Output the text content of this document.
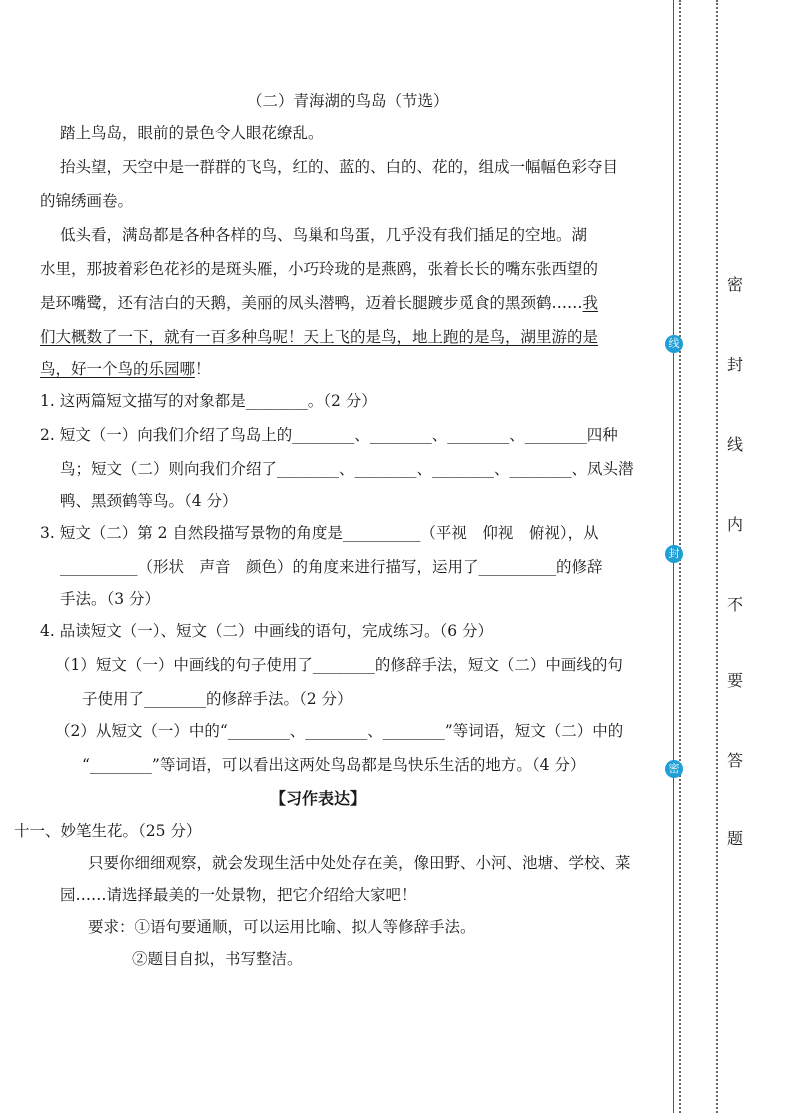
（二）青海湖的鸟岛（节选）
踏上鸟岛，眼前的景色令人眼花缭乱。
抬头望，天空中是一群群的飞鸟，红的、蓝的、白的、花的，组成一幅幅色彩夺目
的锦绣画卷。
低头看，满岛都是各种各样的鸟、鸟巢和鸟蛋，几乎没有我们插足的空地。湖
水里，那披着彩色花衫的是斑头雁，小巧玲珑的是燕鸥，张着长长的嘴东张西望的
是环嘴鹭，还有洁白的天鹅，美丽的凤头潜鸭，迈着长腿踱步觅食的黑颈鹤……我
们大概数了一下，就有一百多种鸟呢！天上飞的是鸟，地上跑的是鸟，湖里游的是
鸟，好一个鸟的乐园哪！
1. 这两篇短文描写的对象都是________。（2 分）
2. 短文（一）向我们介绍了鸟岛上的________、________、________、________四种
鸟；短文（二）则向我们介绍了________、________、________、________、凤头潜
鸭、黑颈鹤等鸟。（4 分）
3. 短文（二）第 2 自然段描写景物的角度是__________（平视　仰视　俯视），从
__________（形状　声音　颜色）的角度来进行描写，运用了__________的修辞
手法。（3 分）
4. 品读短文（一）、短文（二）中画线的语句，完成练习。（6 分）
（1）短文（一）中画线的句子使用了________的修辞手法，短文（二）中画线的句
子使用了________的修辞手法。（2 分）
（2）从短文（一）中的“________、________、________”等词语，短文（二）中的
“________”等词语，可以看出这两处鸟岛都是鸟快乐生活的地方。（4 分）
【习作表达】
十一、妙笔生花。（25 分）
只要你细细观察，就会发现生活中处处存在美，像田野、小河、池塘、学校、菜
园……请选择最美的一处景物，把它介绍给大家吧！
要求：①语句要通顺，可以运用比喻、拟人等修辞手法。
②题目自拟，书写整洁。
线
封
密
密
封
线
内
不
要
答
题
